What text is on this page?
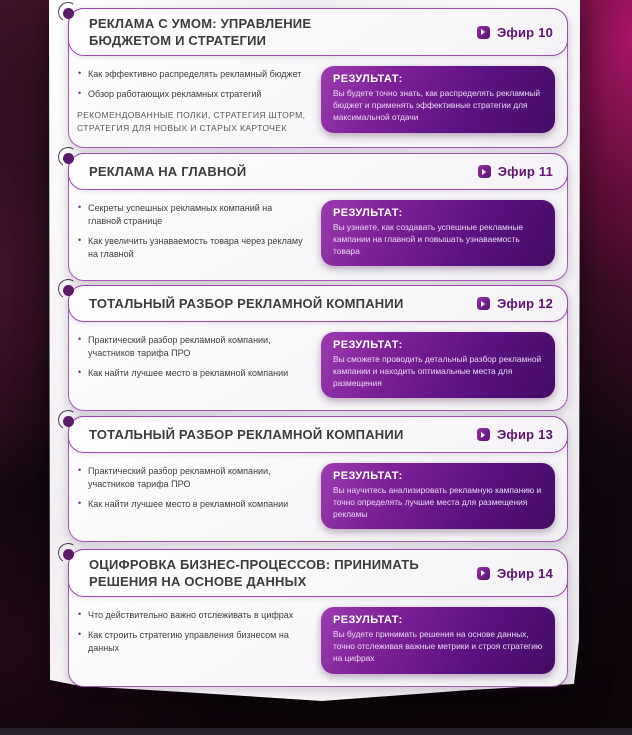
РЕКЛАМА С УМОМ: УПРАВЛЕНИЕ БЮДЖЕТОМ И СТРАТЕГИИ
Эфир 10
• Как эффективно распределять рекламный бюджет
• Обзор работающих рекламных стратегий

РЕКОМЕНДОВАННЫЕ ПОЛКИ, СТРАТЕГИЯ ШТОРМ, СТРАТЕГИЯ ДЛЯ НОВЫХ И СТАРЫХ КАРТОЧЕК

РЕЗУЛЬТАТ:

Вы будете точно знать, как распределять рекламный бюджет и применять эффективные стратегии для максимальной отдачи

РЕКЛАМА НА ГЛАВНОЙ	Эфир 11
• Секреты успешных рекламных компаний на главной странице
• Как увеличить узнаваемость товара через рекламу на главной
РЕЗУЛЬТАТ:

Вы узнаете, как создавать успешные рекламные кампании на главной и повышать узнаваемость товара

ТОТАЛЬНЫЙ РАЗБОР РЕКЛАМНОЙ КОМПАНИИ	Эфир 12
• Практический разбор рекламной компании, участников тарифа ПРО
• Как найти лучшее место в рекламной компании
РЕЗУЛЬТАТ:

Вы сможете проводить детальный разбор рекламной кампании и находить оптимальные места для размещения

ТОТАЛЬНЫЙ РАЗБОР РЕКЛАМНОЙ КОМПАНИИ	Эфир 13
• Практический разбор рекламной компании, участников тарифа ПРО
• Как найти лучшее место в рекламной компании
РЕЗУЛЬТАТ:

Вы научитесь анализировать рекламную кампанию и точно определять лучшие места для размещения рекламы

ОЦИФРОВКА БИЗНЕС-ПРОЦЕССОВ: ПРИНИМАТЬ РЕШЕНИЯ НА ОСНОВЕ ДАННЫХ
Эфир 14
• Что действительно важно отслеживать в цифрах
• Как строить стратегию управления бизнесом на данных
РЕЗУЛЬТАТ:

Вы будете принимать решения на основе данных, точно отслеживая важные метрики и строя стратегию на цифрах
